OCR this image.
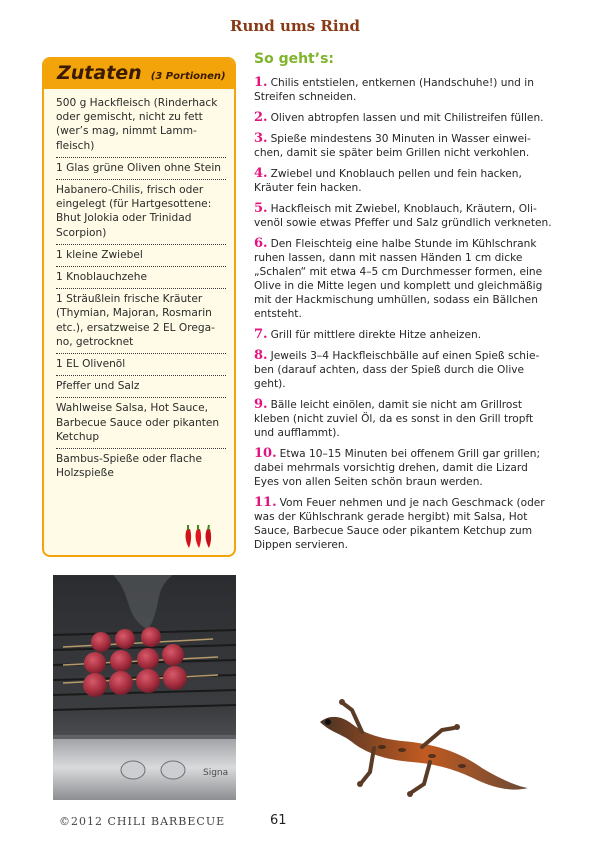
Rund ums Rind
Zutaten (3 Portionen)
500 g Hackfleisch (Rinderhack oder gemischt, nicht zu fett (wer’s mag, nimmt Lamm-fleisch)
1 Glas grüne Oliven ohne Stein
Habanero-Chilis, frisch oder eingelegt (für Hartgesottene: Bhut Jolokia oder Trinidad Scorpion)
1 kleine Zwiebel
1 Knoblauchzehe
1 Sträußlein frische Kräuter (Thymian, Majoran, Rosmarin etc.), ersatzweise 2 EL Orega-no, getrocknet
1 EL Olivenöl
Pfeffer und Salz
Wahlweise Salsa, Hot Sauce, Barbecue Sauce oder pikanten Ketchup
Bambus-Spieße oder flache Holzspieße
So geht’s:
1. Chilis entstielen, entkernen (Handschuhe!) und in Streifen schneiden.
2. Oliven abtropfen lassen und mit Chilistreifen füllen.
3. Spieße mindestens 30 Minuten in Wasser einwei-chen, damit sie später beim Grillen nicht verkohlen.
4. Zwiebel und Knoblauch pellen und fein hacken, Kräuter fein hacken.
5. Hackfleisch mit Zwiebel, Knoblauch, Kräutern, Oli-venöl sowie etwas Pfeffer und Salz gründlich verkneten.
6. Den Fleischteig eine halbe Stunde im Kühlschrank ruhen lassen, dann mit nassen Händen 1 cm dicke „Schalen“ mit etwa 4–5 cm Durchmesser formen, eine Olive in die Mitte legen und komplett und gleichmäßig mit der Hackmischung umhüllen, sodass ein Bällchen entsteht.
7. Grill für mittlere direkte Hitze anheizen.
8. Jeweils 3–4 Hackfleischbälle auf einen Spieß schie-ben (darauf achten, dass der Spieß durch die Olive geht).
9. Bälle leicht einölen, damit sie nicht am Grillrost kleben (nicht zuviel Öl, da es sonst in den Grill tropft und aufflammt).
10. Etwa 10–15 Minuten bei offenem Grill gar grillen; dabei mehrmals vorsichtig drehen, damit die Lizard Eyes von allen Seiten schön braun werden.
11. Vom Feuer nehmen und je nach Geschmack (oder was der Kühlschrank gerade hergibt) mit Salsa, Hot Sauce, Barbecue Sauce oder pikantem Ketchup zum Dippen servieren.
Signa
©2012 CHILI BARBECUE	61
